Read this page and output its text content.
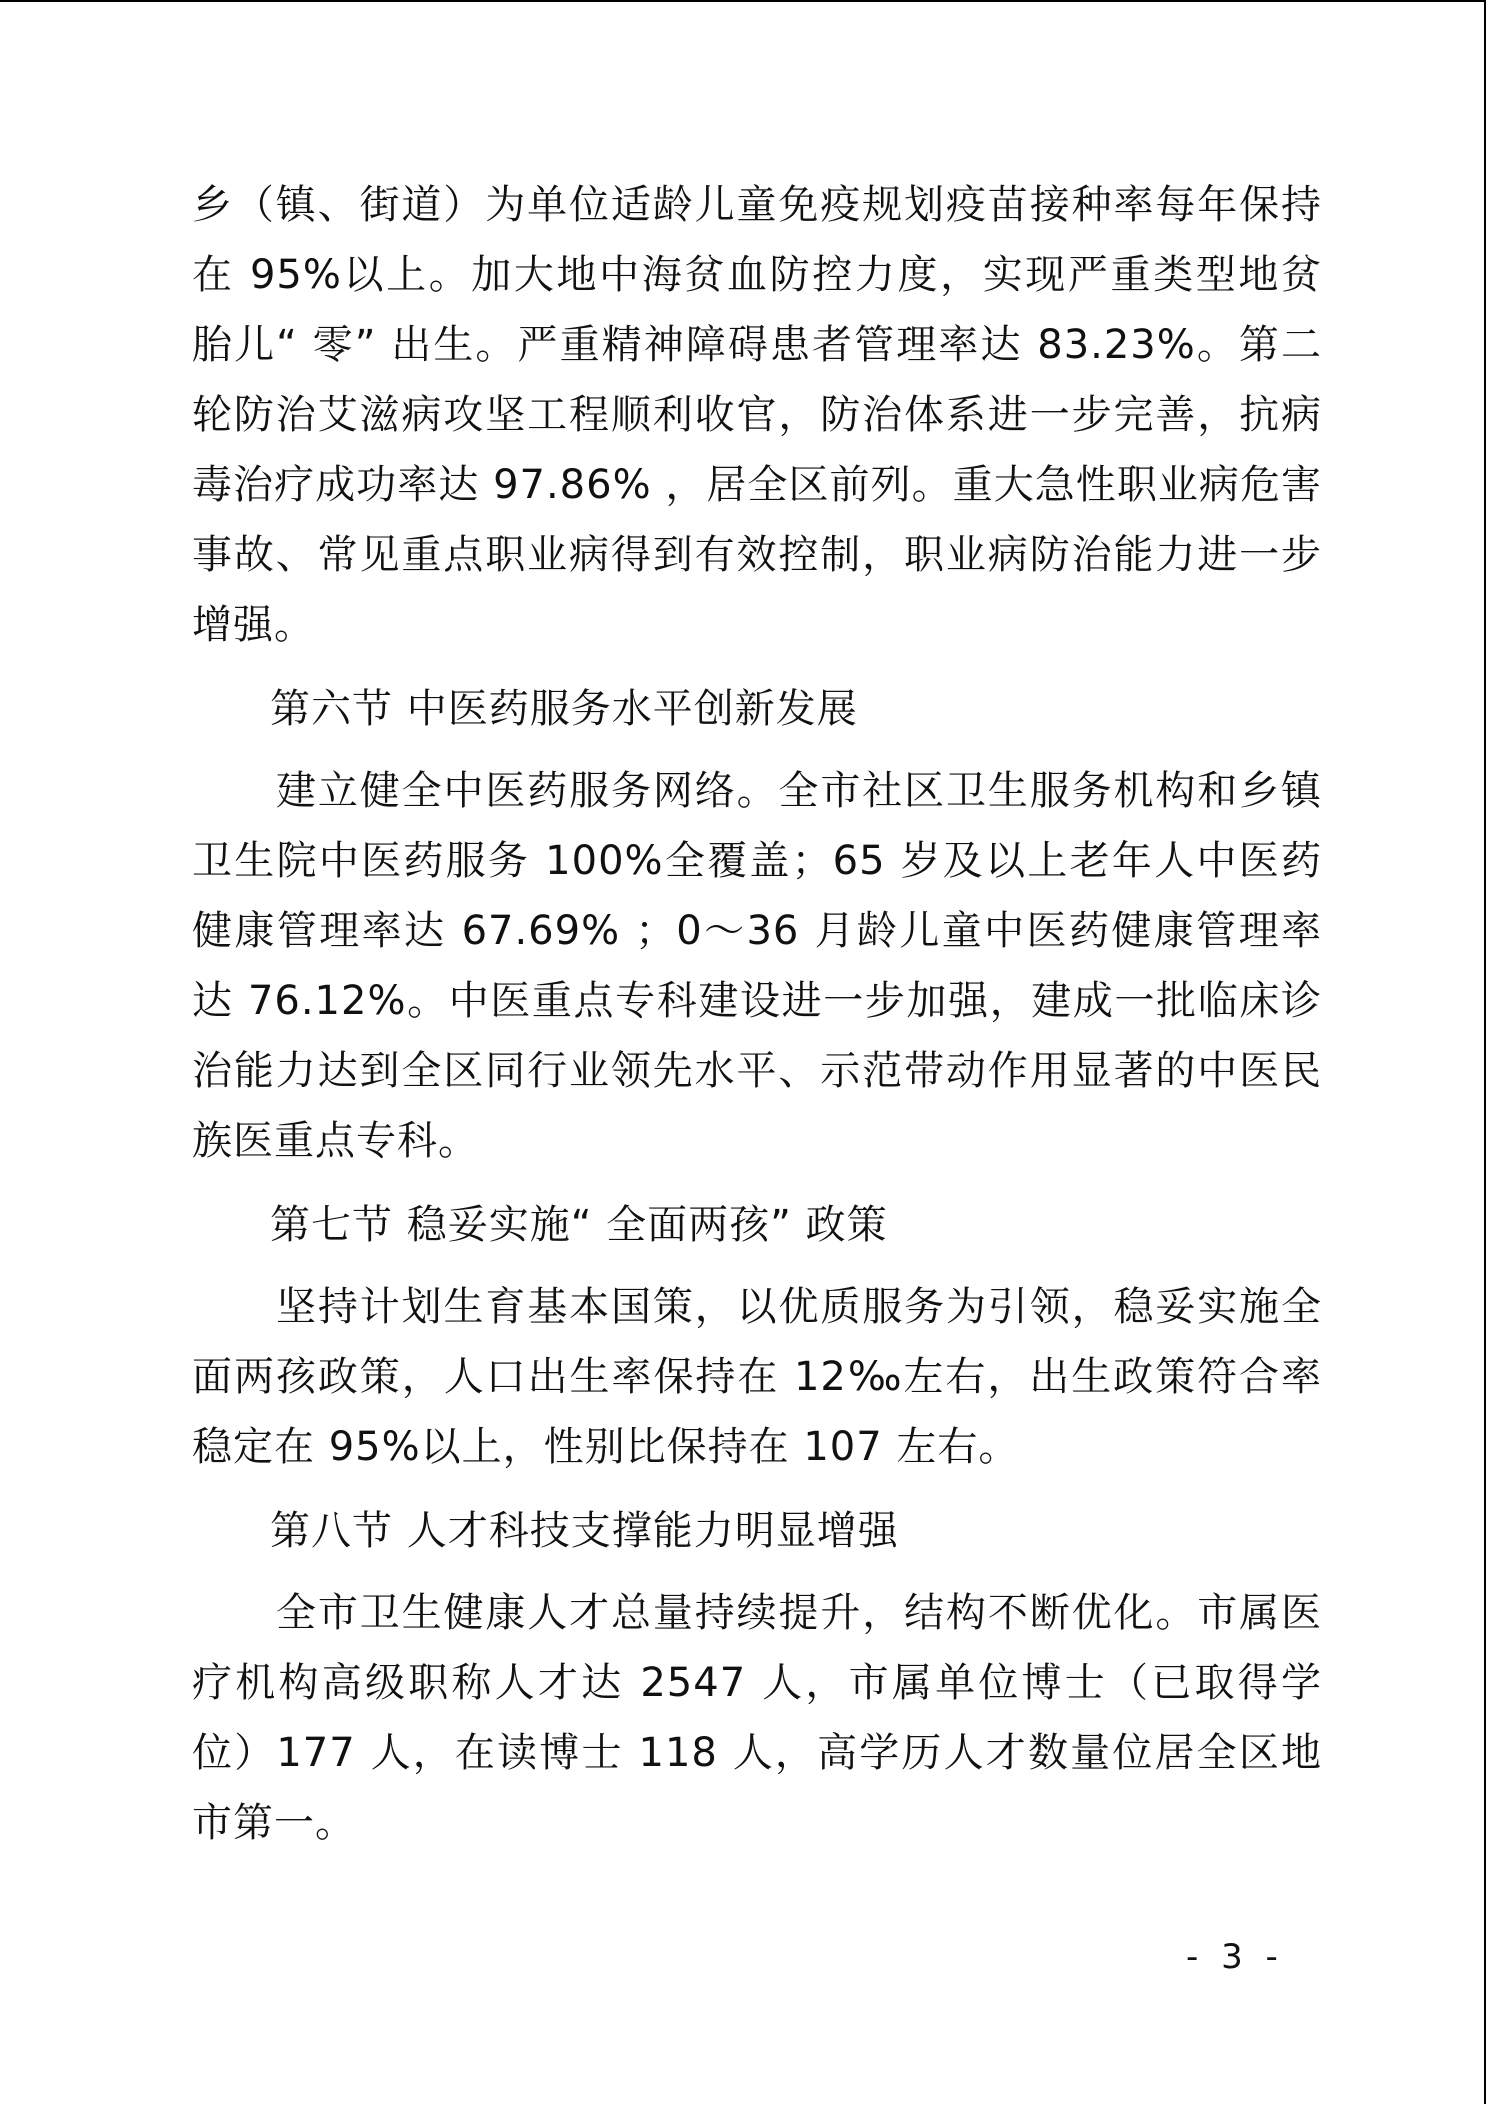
乡（镇、街道）为单位适龄儿童免疫规划疫苗接种率每年保持在 95%以上。加大地中海贫血防控力度，实现严重类型地贫胎儿“ 零” 出生。严重精神障碍患者管理率达 83.23%。第二轮防治艾滋病攻坚工程顺利收官，防治体系进一步完善，抗病毒治疗成功率达 97.86% ，居全区前列。重大急性职业病危害事故、常见重点职业病得到有效控制，职业病防治能力进一步增强。

第六节 中医药服务水平创新发展

建立健全中医药服务网络。全市社区卫生服务机构和乡镇卫生院中医药服务 100%全覆盖；65 岁及以上老年人中医药健康管理率达 67.69% ；0～36 月龄儿童中医药健康管理率达 76.12%。中医重点专科建设进一步加强，建成一批临床诊治能力达到全区同行业领先水平、示范带动作用显著的中医民族医重点专科。

第七节 稳妥实施“ 全面两孩” 政策

坚持计划生育基本国策，以优质服务为引领，稳妥实施全面两孩政策，人口出生率保持在 12‰左右，出生政策符合率稳定在 95%以上，性别比保持在 107 左右。

第八节 人才科技支撑能力明显增强

全市卫生健康人才总量持续提升，结构不断优化。市属医疗机构高级职称人才达 2547 人，市属单位博士（已取得学位）177 人，在读博士 118 人，高学历人才数量位居全区地市第一。

- 3 -
